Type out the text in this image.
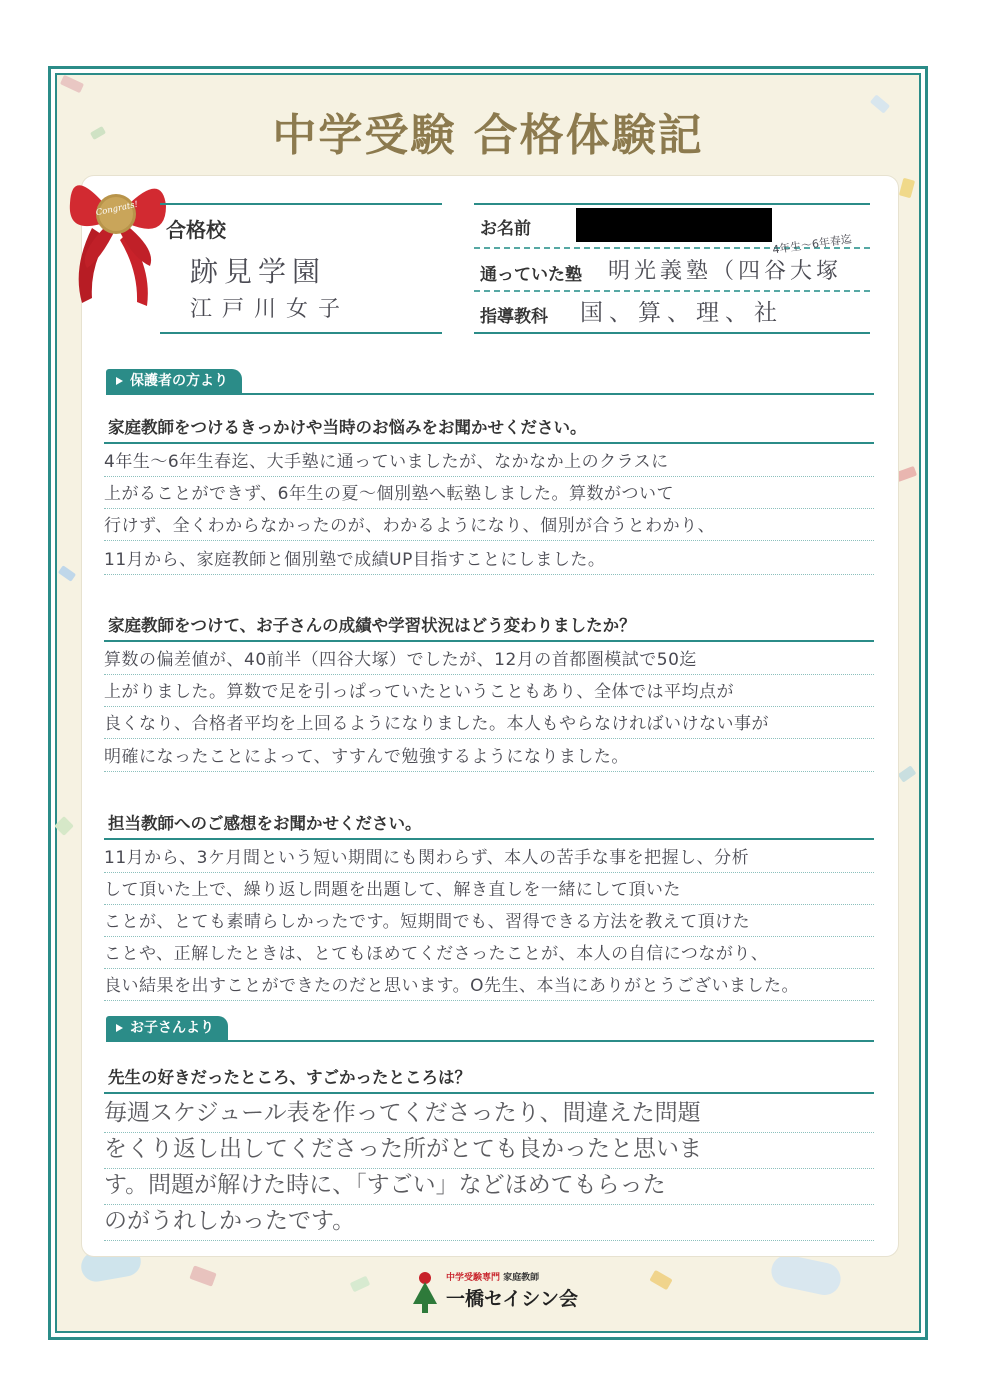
中学受験 合格体験記
Congrats!
合格校
跡見学園
江戸川女子
お名前
通っていた塾 明光義塾（四谷大塚
4年生〜6年春迄
指導教科 国、算、理、社
保護者の方より
家庭教師をつけるきっかけや当時のお悩みをお聞かせください。
4年生〜6年生春迄、大手塾に通っていましたが、なかなか上のクラスに
上がることができず、6年生の夏〜個別塾へ転塾しました。算数がついて
行けず、全くわからなかったのが、わかるようになり、個別が合うとわかり、
11月から、家庭教師と個別塾で成績UP目指すことにしました。
家庭教師をつけて、お子さんの成績や学習状況はどう変わりましたか？
算数の偏差値が、40前半（四谷大塚）でしたが、12月の首都圏模試で50迄
上がりました。算数で足を引っぱっていたということもあり、全体では平均点が
良くなり、合格者平均を上回るようになりました。本人もやらなければいけない事が
明確になったことによって、すすんで勉強するようになりました。
担当教師へのご感想をお聞かせください。
11月から、3ケ月間という短い期間にも関わらず、本人の苦手な事を把握し、分析
して頂いた上で、繰り返し問題を出題して、解き直しを一緒にして頂いた
ことが、とても素晴らしかったです。短期間でも、習得できる方法を教えて頂けた
ことや、正解したときは、とてもほめてくださったことが、本人の自信につながり、
良い結果を出すことができたのだと思います。O先生、本当にありがとうございました。
お子さんより
先生の好きだったところ、すごかったところは？
毎週スケジュール表を作ってくださったり、間違えた問題
をくり返し出してくださった所がとても良かったと思いま
す。問題が解けた時に、「すごい」などほめてもらった
のがうれしかったです。
中学受験専門 家庭教師
一橋セイシン会
